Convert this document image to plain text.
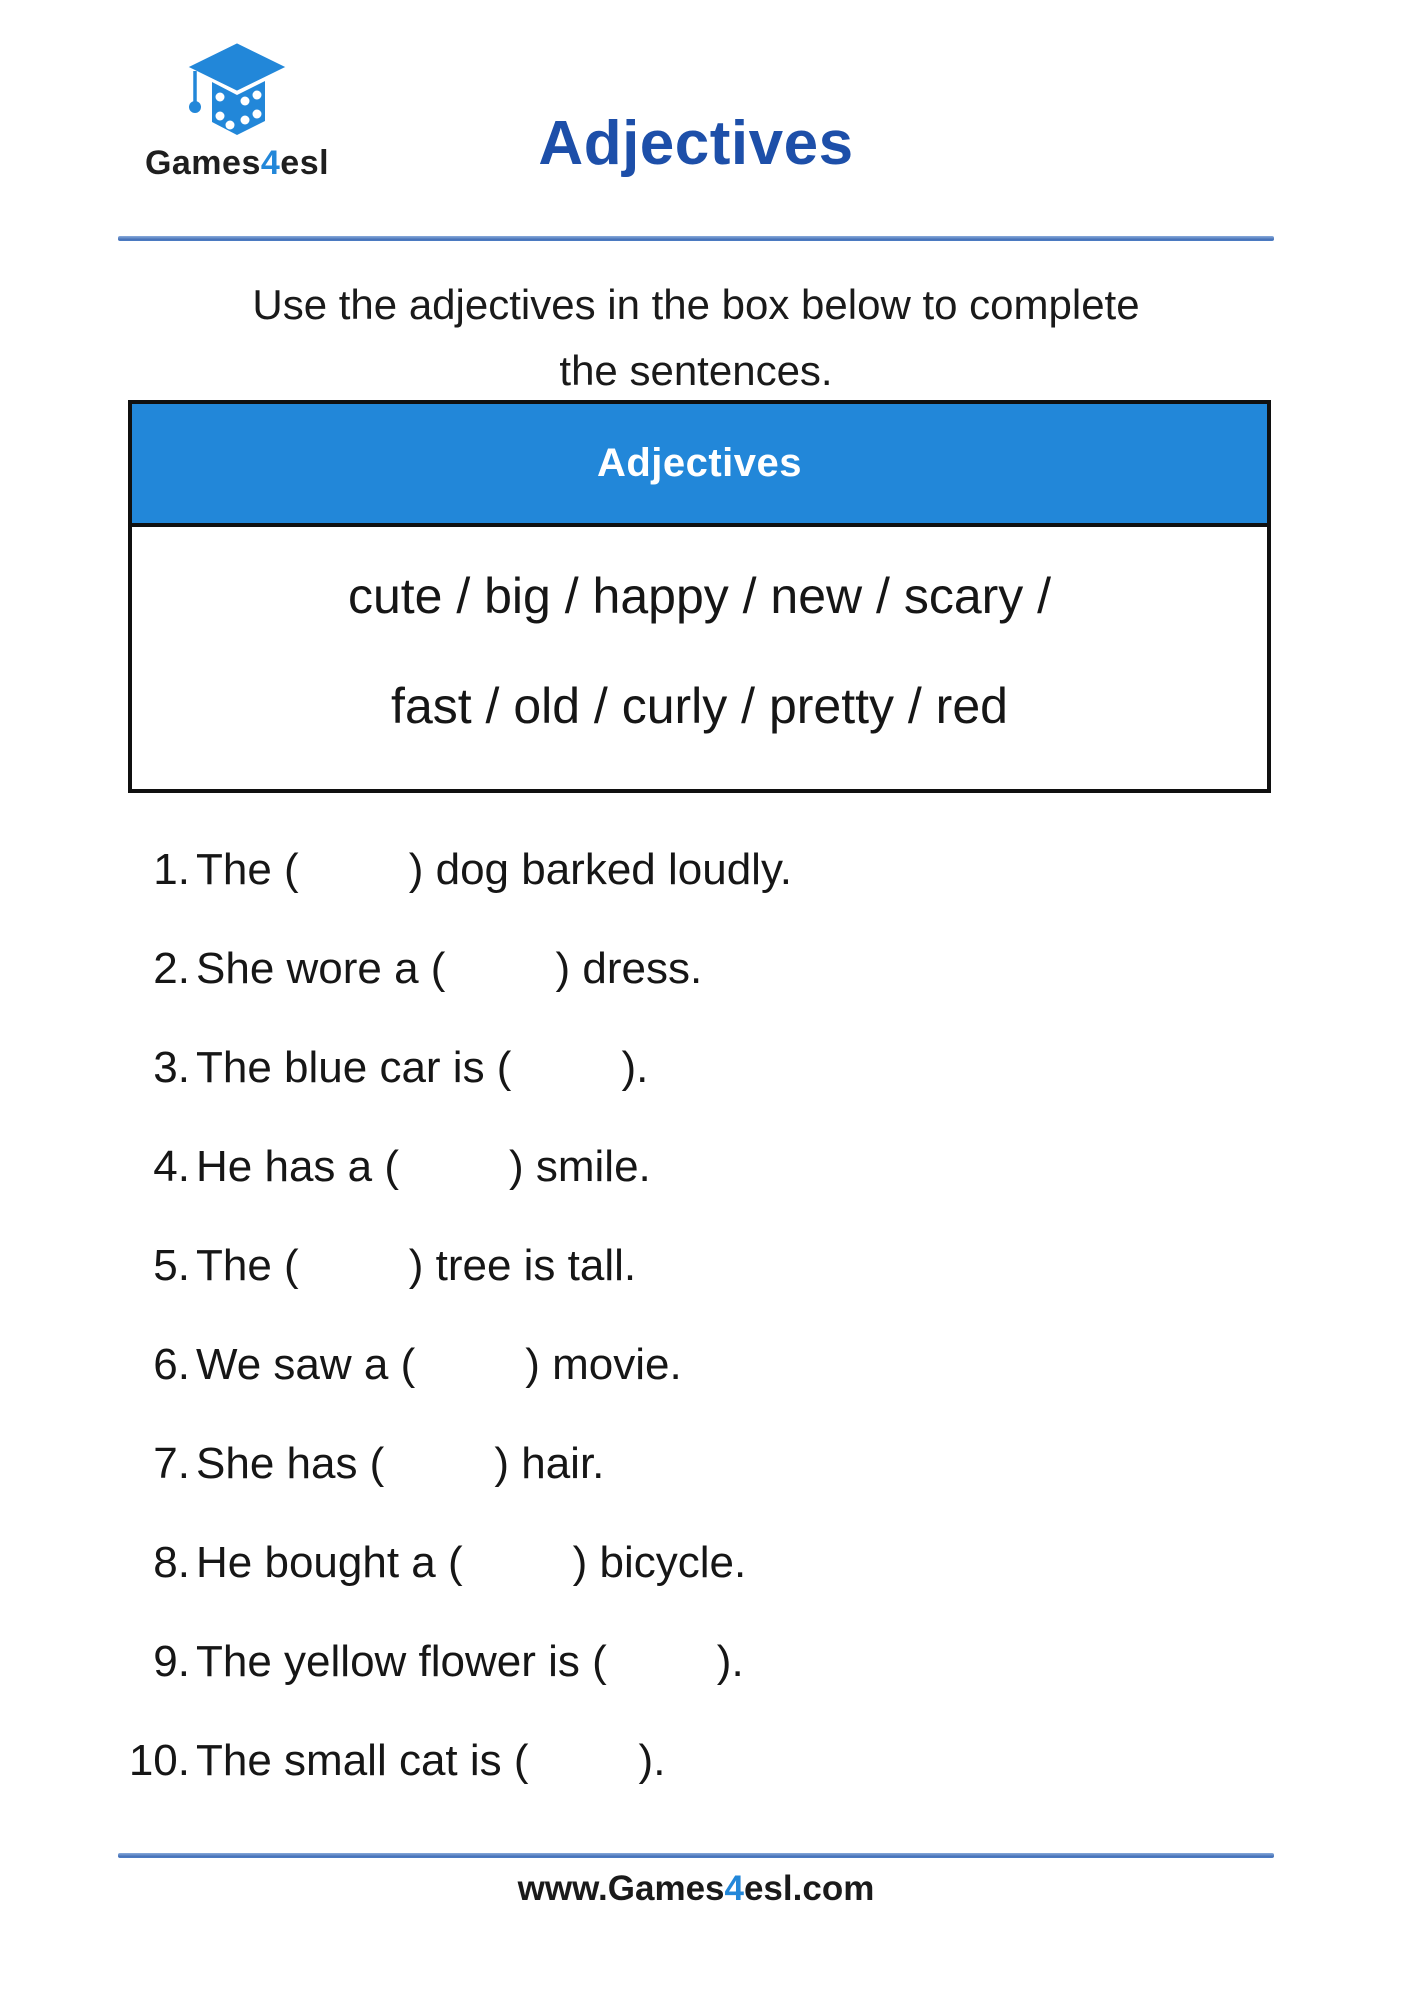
Games4esl	Adjectives
Use the adjectives in the box below to complete
the sentences.
Adjectives
cute / big / happy / new / scary /
fast / old / curly / pretty / red
1. The (         ) dog barked loudly.
2. She wore a (         ) dress.
3. The blue car is (         ).
4. He has a (         ) smile.
5. The (         ) tree is tall.
6. We saw a (         ) movie.
7. She has (         ) hair.
8. He bought a (         ) bicycle.
9. The yellow flower is (         ).
10. The small cat is (         ).
www.Games4esl.com
